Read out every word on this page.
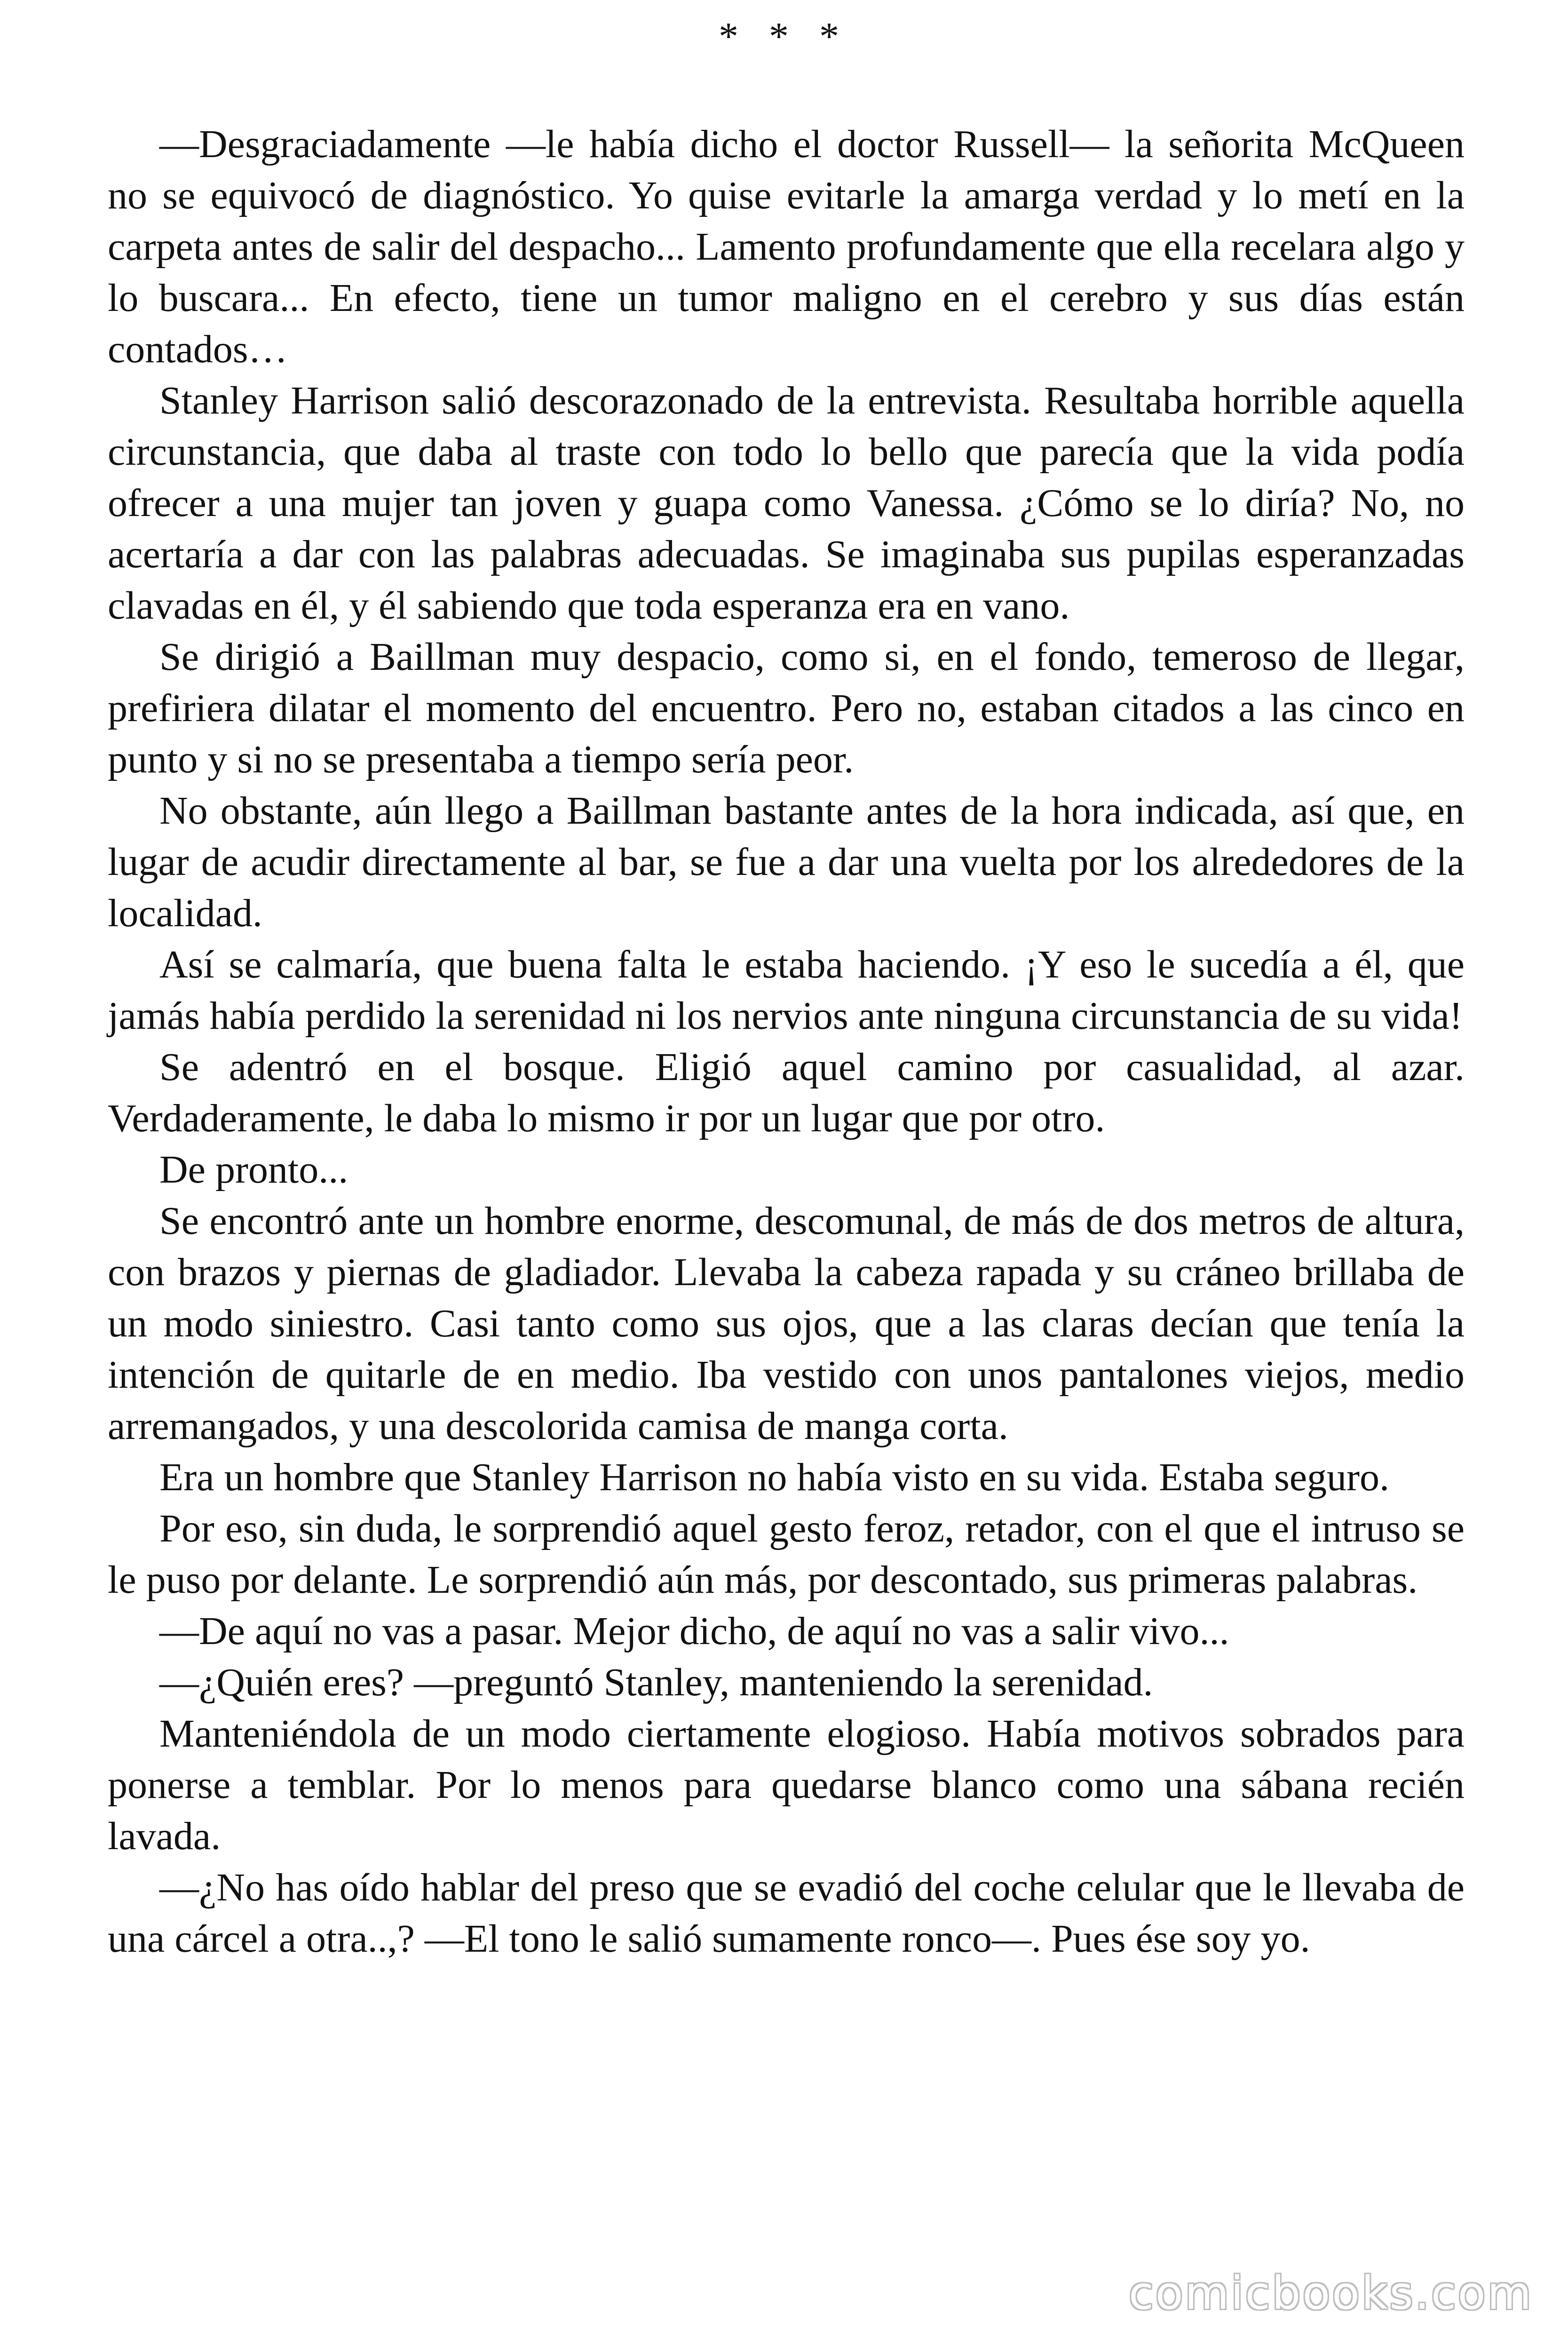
* * *

—Desgraciadamente —le había dicho el doctor Russell— la señorita McQueen no se equivocó de diagnóstico. Yo quise evitarle la amarga verdad y lo metí en la carpeta antes de salir del despacho... Lamento profundamente que ella recelara algo y lo buscara... En efecto, tiene un tumor maligno en el cerebro y sus días están contados…

Stanley Harrison salió descorazonado de la entrevista. Resultaba horrible aquella circunstancia, que daba al traste con todo lo bello que parecía que la vida podía ofrecer a una mujer tan joven y guapa como Vanessa. ¿Cómo se lo diría? No, no acertaría a dar con las palabras adecuadas. Se imaginaba sus pupilas esperanzadas clavadas en él, y él sabiendo que toda esperanza era en vano.

Se dirigió a Baillman muy despacio, como si, en el fondo, temeroso de llegar, prefiriera dilatar el momento del encuentro. Pero no, estaban citados a las cinco en punto y si no se presentaba a tiempo sería peor.

No obstante, aún llego a Baillman bastante antes de la hora indicada, así que, en lugar de acudir directamente al bar, se fue a dar una vuelta por los alrededores de la localidad.

Así se calmaría, que buena falta le estaba haciendo. ¡Y eso le sucedía a él, que jamás había perdido la serenidad ni los nervios ante ninguna circunstancia de su vida!

Se adentró en el bosque. Eligió aquel camino por casualidad, al azar. Verdaderamente, le daba lo mismo ir por un lugar que por otro.

De pronto...

Se encontró ante un hombre enorme, descomunal, de más de dos metros de altura, con brazos y piernas de gladiador. Llevaba la cabeza rapada y su cráneo brillaba de un modo siniestro. Casi tanto como sus ojos, que a las claras decían que tenía la intención de quitarle de en medio. Iba vestido con unos pantalones viejos, medio arremangados, y una descolorida camisa de manga corta.

Era un hombre que Stanley Harrison no había visto en su vida. Estaba seguro.

Por eso, sin duda, le sorprendió aquel gesto feroz, retador, con el que el intruso se le puso por delante. Le sorprendió aún más, por descontado, sus primeras palabras.

—De aquí no vas a pasar. Mejor dicho, de aquí no vas a salir vivo...

—¿Quién eres? —preguntó Stanley, manteniendo la serenidad.

Manteniéndola de un modo ciertamente elogioso. Había motivos sobrados para ponerse a temblar. Por lo menos para quedarse blanco como una sábana recién lavada.

—¿No has oído hablar del preso que se evadió del coche celular que le llevaba de una cárcel a otra..,? —El tono le salió sumamente ronco—. Pues ése soy yo.

comicbooks.com
